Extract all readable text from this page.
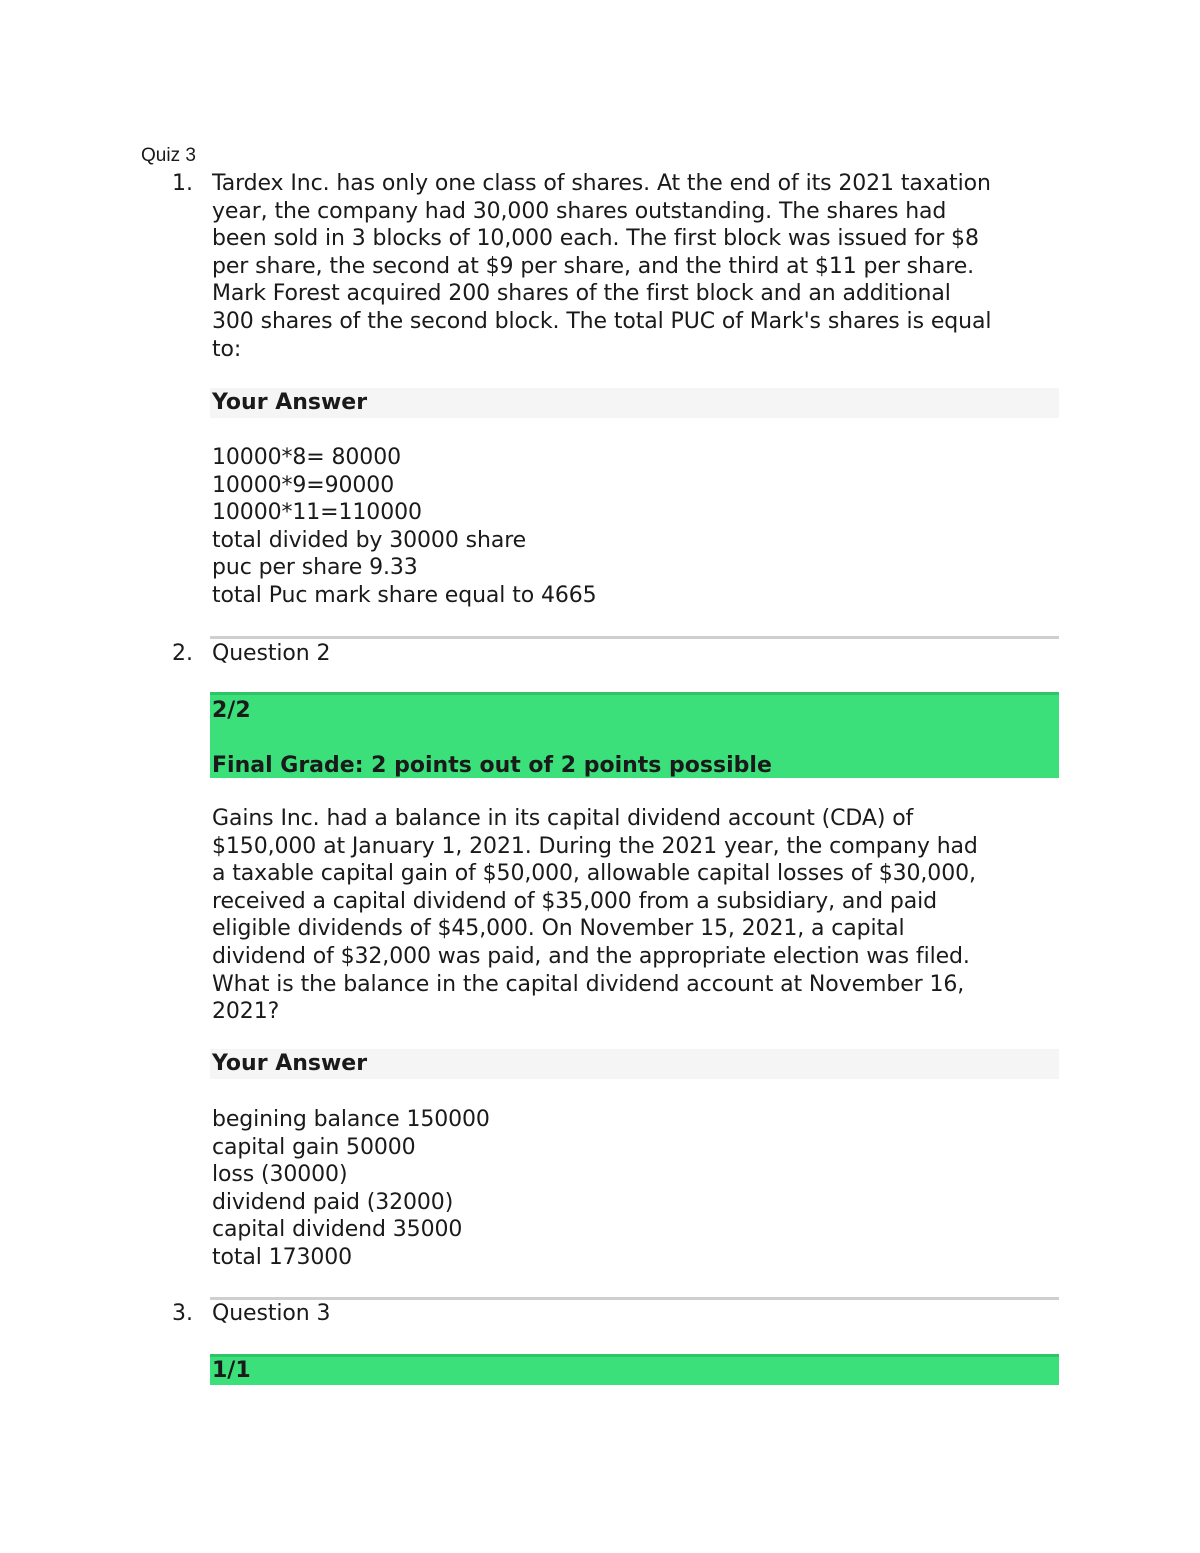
Quiz 3
1. Tardex Inc. has only one class of shares. At the end of its 2021 taxation
year, the company had 30,000 shares outstanding. The shares had
been sold in 3 blocks of 10,000 each. The first block was issued for $8
per share, the second at $9 per share, and the third at $11 per share.
Mark Forest acquired 200 shares of the first block and an additional
300 shares of the second block. The total PUC of Mark's shares is equal
to:
Your Answer
10000*8= 80000
10000*9=90000
10000*11=110000
total divided by 30000 share
puc per share 9.33
total Puc mark share equal to 4665
2. Question 2
2/2
Final Grade: 2 points out of 2 points possible
Gains Inc. had a balance in its capital dividend account (CDA) of
$150,000 at January 1, 2021. During the 2021 year, the company had
a taxable capital gain of $50,000, allowable capital losses of $30,000,
received a capital dividend of $35,000 from a subsidiary, and paid
eligible dividends of $45,000. On November 15, 2021, a capital
dividend of $32,000 was paid, and the appropriate election was filed.
What is the balance in the capital dividend account at November 16,
2021?
Your Answer
begining balance 150000
capital gain 50000
loss (30000)
dividend paid (32000)
capital dividend 35000
total 173000
3. Question 3
1/1
